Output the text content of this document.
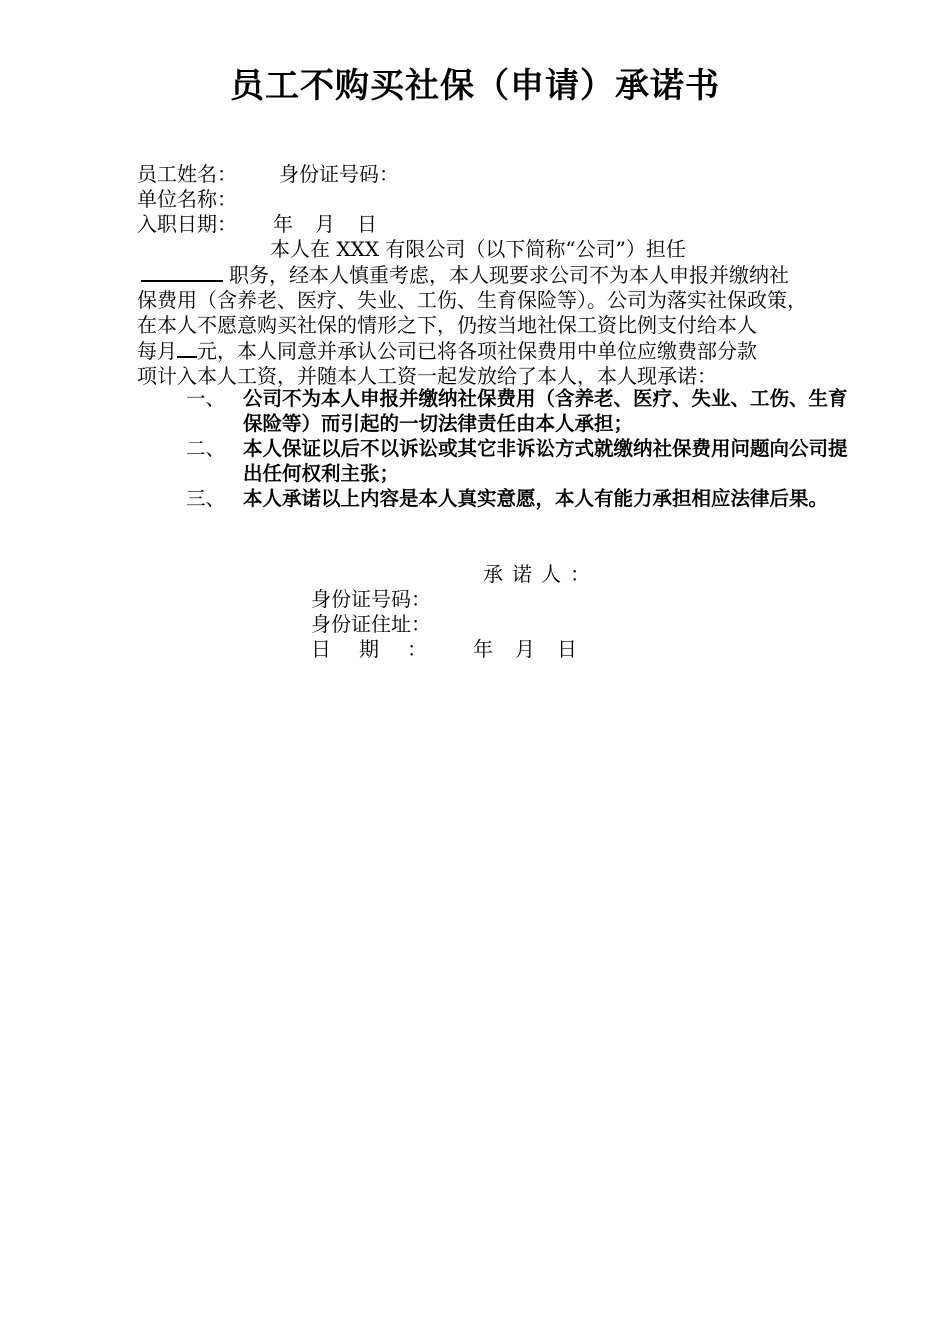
员工不购买社保（申请）承诺书
员工姓名： 身份证号码：
单位名称：
入职日期： 年 月 日
本人在 XXX 有限公司（以下简称“公司”）担任
职务，经本人慎重考虑，本人现要求公司不为本人申报并缴纳社
保费用（含养老、医疗、失业、工伤、生育保险等）。公司为落实社保政策，
在本人不愿意购买社保的情形之下，仍按当地社保工资比例支付给本人
每月 元，本人同意并承认公司已将各项社保费用中单位应缴费部分款
项计入本人工资，并随本人工资一起发放给了本人，本人现承诺：
一、 公司不为本人申报并缴纳社保费用（含养老、医疗、失业、工伤、生育保险等）而引起的一切法律责任由本人承担；
二、 本人保证以后不以诉讼或其它非诉讼方式就缴纳社保费用问题向公司提出任何权利主张；
三、 本人承诺以上内容是本人真实意愿，本人有能力承担相应法律后果。
承诺人：
身份证号码：
身份证住址：
日期： 年 月 日
